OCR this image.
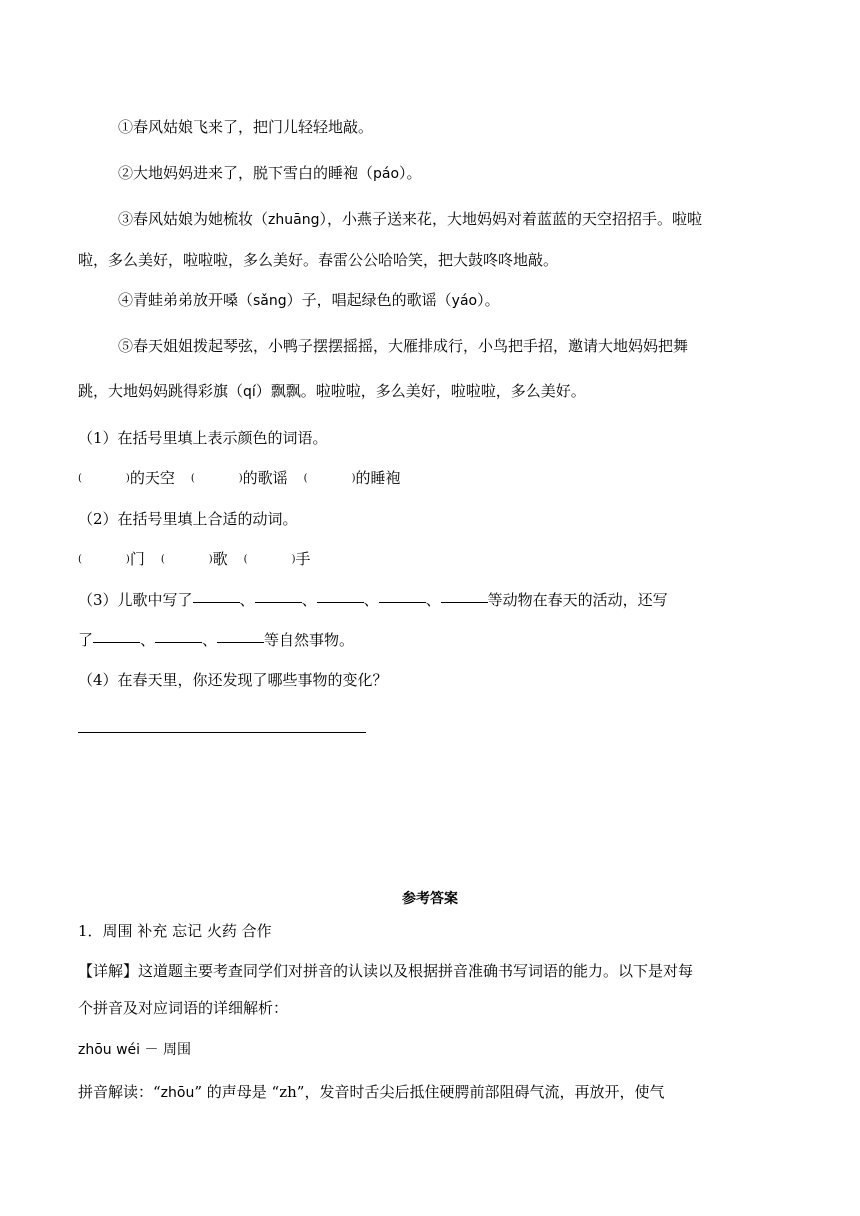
①春风姑娘飞来了，把门儿轻轻地敲。
②大地妈妈进来了，脱下雪白的睡袍（páo）。
③春风姑娘为她梳妆（zhuāng），小燕子送来花，大地妈妈对着蓝蓝的天空招招手。啦啦
啦，多么美好，啦啦啦，多么美好。春雷公公哈哈笑，把大鼓咚咚地敲。
④青蛙弟弟放开嗓（sǎng）子，唱起绿色的歌谣（yáo）。
⑤春天姐姐拨起琴弦，小鸭子摆摆摇摇，大雁排成行，小鸟把手招，邀请大地妈妈把舞
跳，大地妈妈跳得彩旗（qí）飘飘。啦啦啦，多么美好，啦啦啦，多么美好。
（1）在括号里填上表示颜色的词语。
(	)的天空 (	)的歌谣 (	)的睡袍
（2）在括号里填上合适的动词。
(	)门 (	)歌 (	)手
（3）儿歌中写了	、	、	、	、	等动物在春天的活动，还写
了	、	、	等自然事物。
（4）在春天里，你还发现了哪些事物的变化？
参考答案
1．周围 补充 忘记 火药 合作
【详解】这道题主要考查同学们对拼音的认读以及根据拼音准确书写词语的能力。以下是对每
个拼音及对应词语的详细解析：
zhōu wéi － 周围
拼音解读：“zhōu” 的声母是 “zh”，发音时舌尖后抵住硬腭前部阻碍气流，再放开，使气
